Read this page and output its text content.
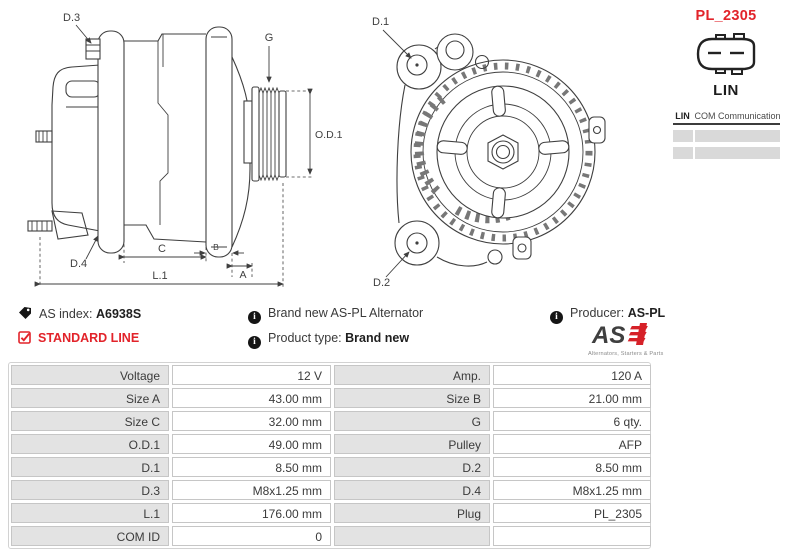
G
O.D.1
D.3
D.4
C	B
A
L.1
D.1
D.2
PL_2305
LIN
LIN COM Communication
AS index: A6938S
STANDARD LINE
i Brand new AS-PL Alternator
i Product type: Brand new
i Producer: AS-PL
AS
Alternators, Starters & Parts
Voltage	12 V	Amp.	120 A
Size A	43.00 mm	Size B	21.00 mm
Size C	32.00 mm	G	6 qty.
O.D.1	49.00 mm	Pulley	AFP
D.1	8.50 mm	D.2	8.50 mm
D.3	M8x1.25 mm	D.4	M8x1.25 mm
L.1	176.00 mm	Plug	PL_2305
COM ID	0
